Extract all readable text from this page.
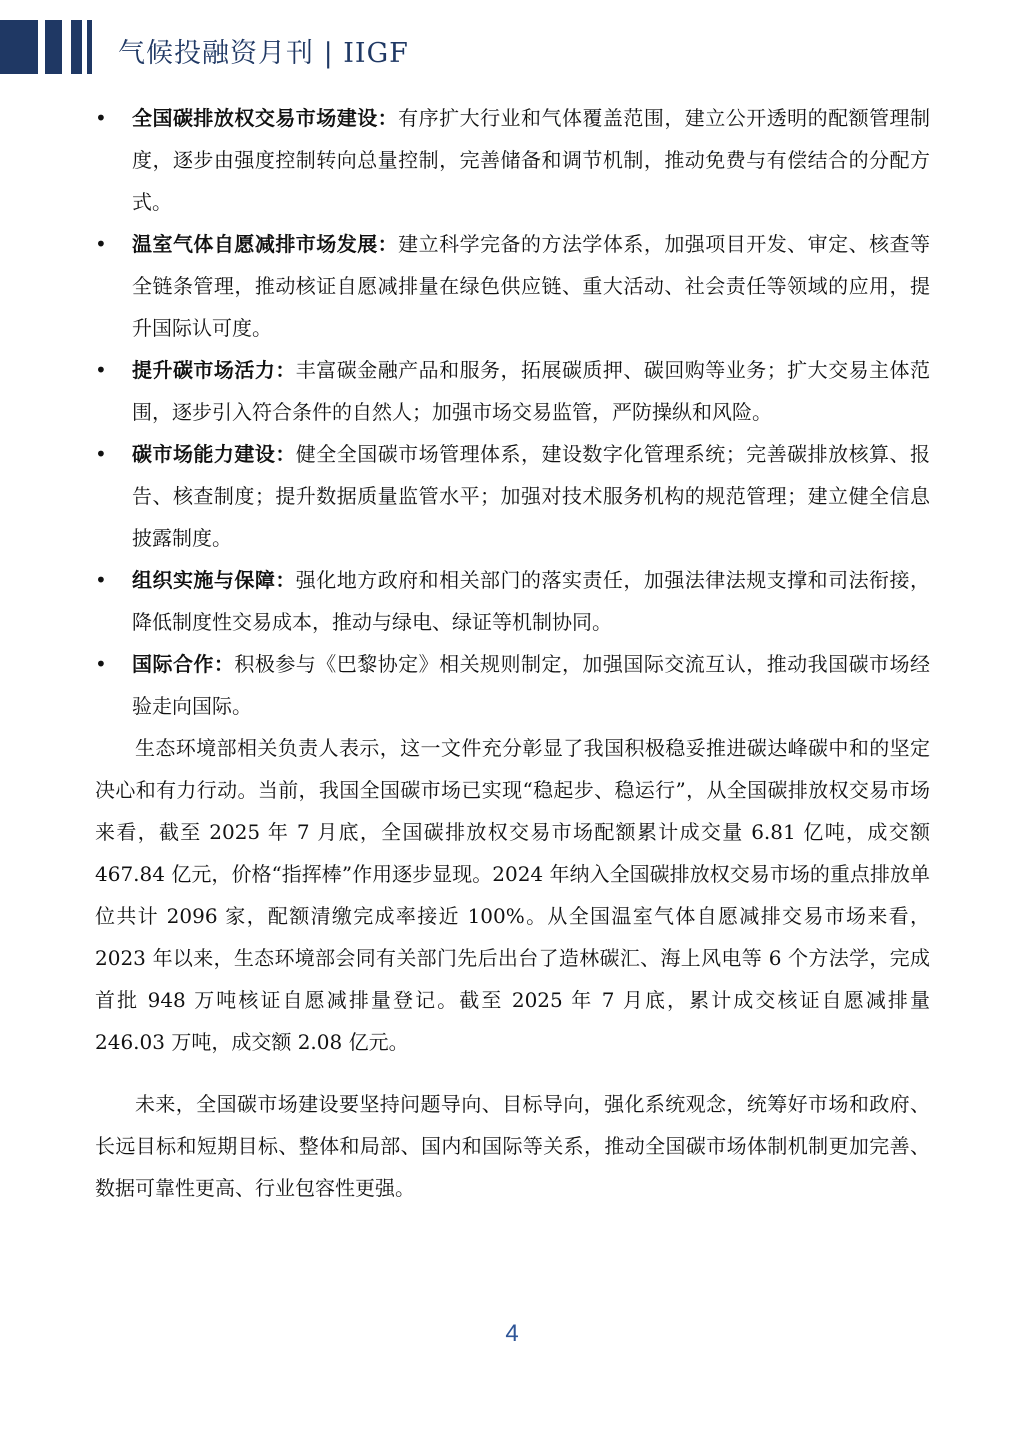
气候投融资月刊 | IIGF
• 全国碳排放权交易市场建设：有序扩大行业和气体覆盖范围，建立公开透明的配额管理制度，逐步由强度控制转向总量控制，完善储备和调节机制，推动免费与有偿结合的分配方式。
• 温室气体自愿减排市场发展：建立科学完备的方法学体系，加强项目开发、审定、核查等全链条管理，推动核证自愿减排量在绿色供应链、重大活动、社会责任等领域的应用，提升国际认可度。
• 提升碳市场活力：丰富碳金融产品和服务，拓展碳质押、碳回购等业务；扩大交易主体范围，逐步引入符合条件的自然人；加强市场交易监管，严防操纵和风险。
• 碳市场能力建设：健全全国碳市场管理体系，建设数字化管理系统；完善碳排放核算、报告、核查制度；提升数据质量监管水平；加强对技术服务机构的规范管理；建立健全信息披露制度。
• 组织实施与保障：强化地方政府和相关部门的落实责任，加强法律法规支撑和司法衔接，降低制度性交易成本，推动与绿电、绿证等机制协同。
• 国际合作：积极参与《巴黎协定》相关规则制定，加强国际交流互认，推动我国碳市场经验走向国际。

生态环境部相关负责人表示，这一文件充分彰显了我国积极稳妥推进碳达峰碳中和的坚定决心和有力行动。当前，我国全国碳市场已实现“稳起步、稳运行”，从全国碳排放权交易市场来看，截至 2025 年 7 月底，全国碳排放权交易市场配额累计成交量 6.81 亿吨，成交额 467.84 亿元，价格“指挥棒”作用逐步显现。2024 年纳入全国碳排放权交易市场的重点排放单位共计 2096 家，配额清缴完成率接近 100%。从全国温室气体自愿减排交易市场来看，2023 年以来，生态环境部会同有关部门先后出台了造林碳汇、海上风电等 6 个方法学，完成首批 948 万吨核证自愿减排量登记。截至 2025 年 7 月底，累计成交核证自愿减排量 246.03 万吨，成交额 2.08 亿元。

未来，全国碳市场建设要坚持问题导向、目标导向，强化系统观念，统筹好市场和政府、长远目标和短期目标、整体和局部、国内和国际等关系，推动全国碳市场体制机制更加完善、数据可靠性更高、行业包容性更强。

4
